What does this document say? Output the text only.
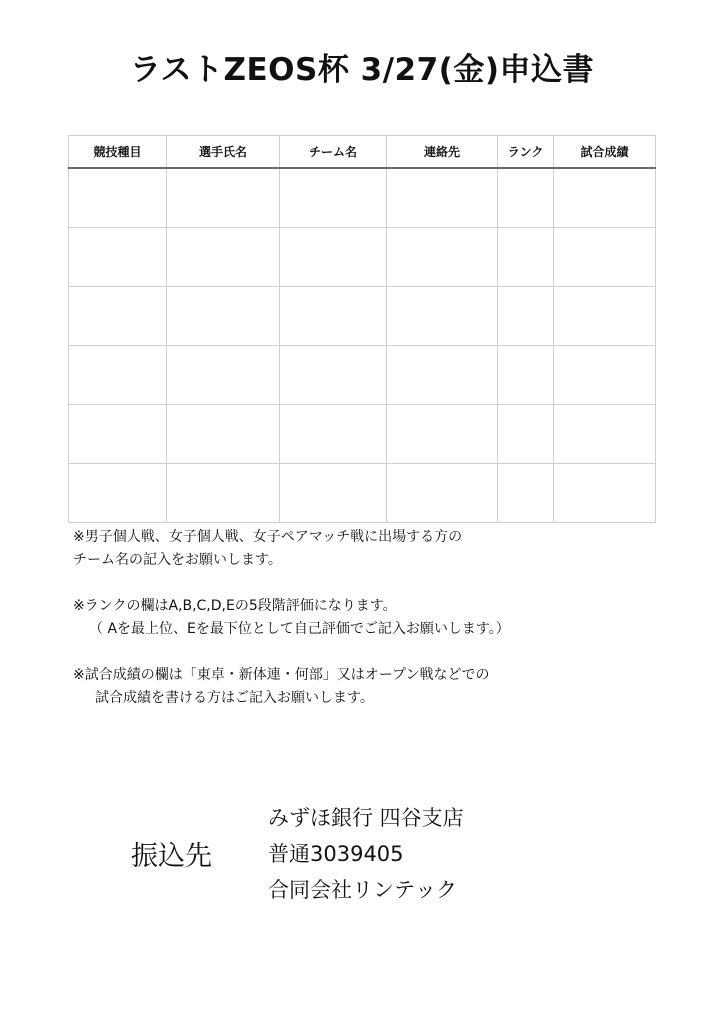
ラストZEOS杯 3/27(金)申込書
競技種目	選手氏名	チーム名	連絡先	ランク	試合成績

※男子個人戦、女子個人戦、女子ペアマッチ戦に出場する方の
チーム名の記入をお願いします。
※ランクの欄はA,B,C,D,Eの5段階評価になります。
（ Aを最上位、Eを最下位として自己評価でご記入お願いします。）
※試合成績の欄は「東卓・新体連・何部」又はオープン戦などでの
試合成績を書ける方はご記入お願いします。
振込先
みずほ銀行 四谷支店
普通3039405
合同会社リンテック
